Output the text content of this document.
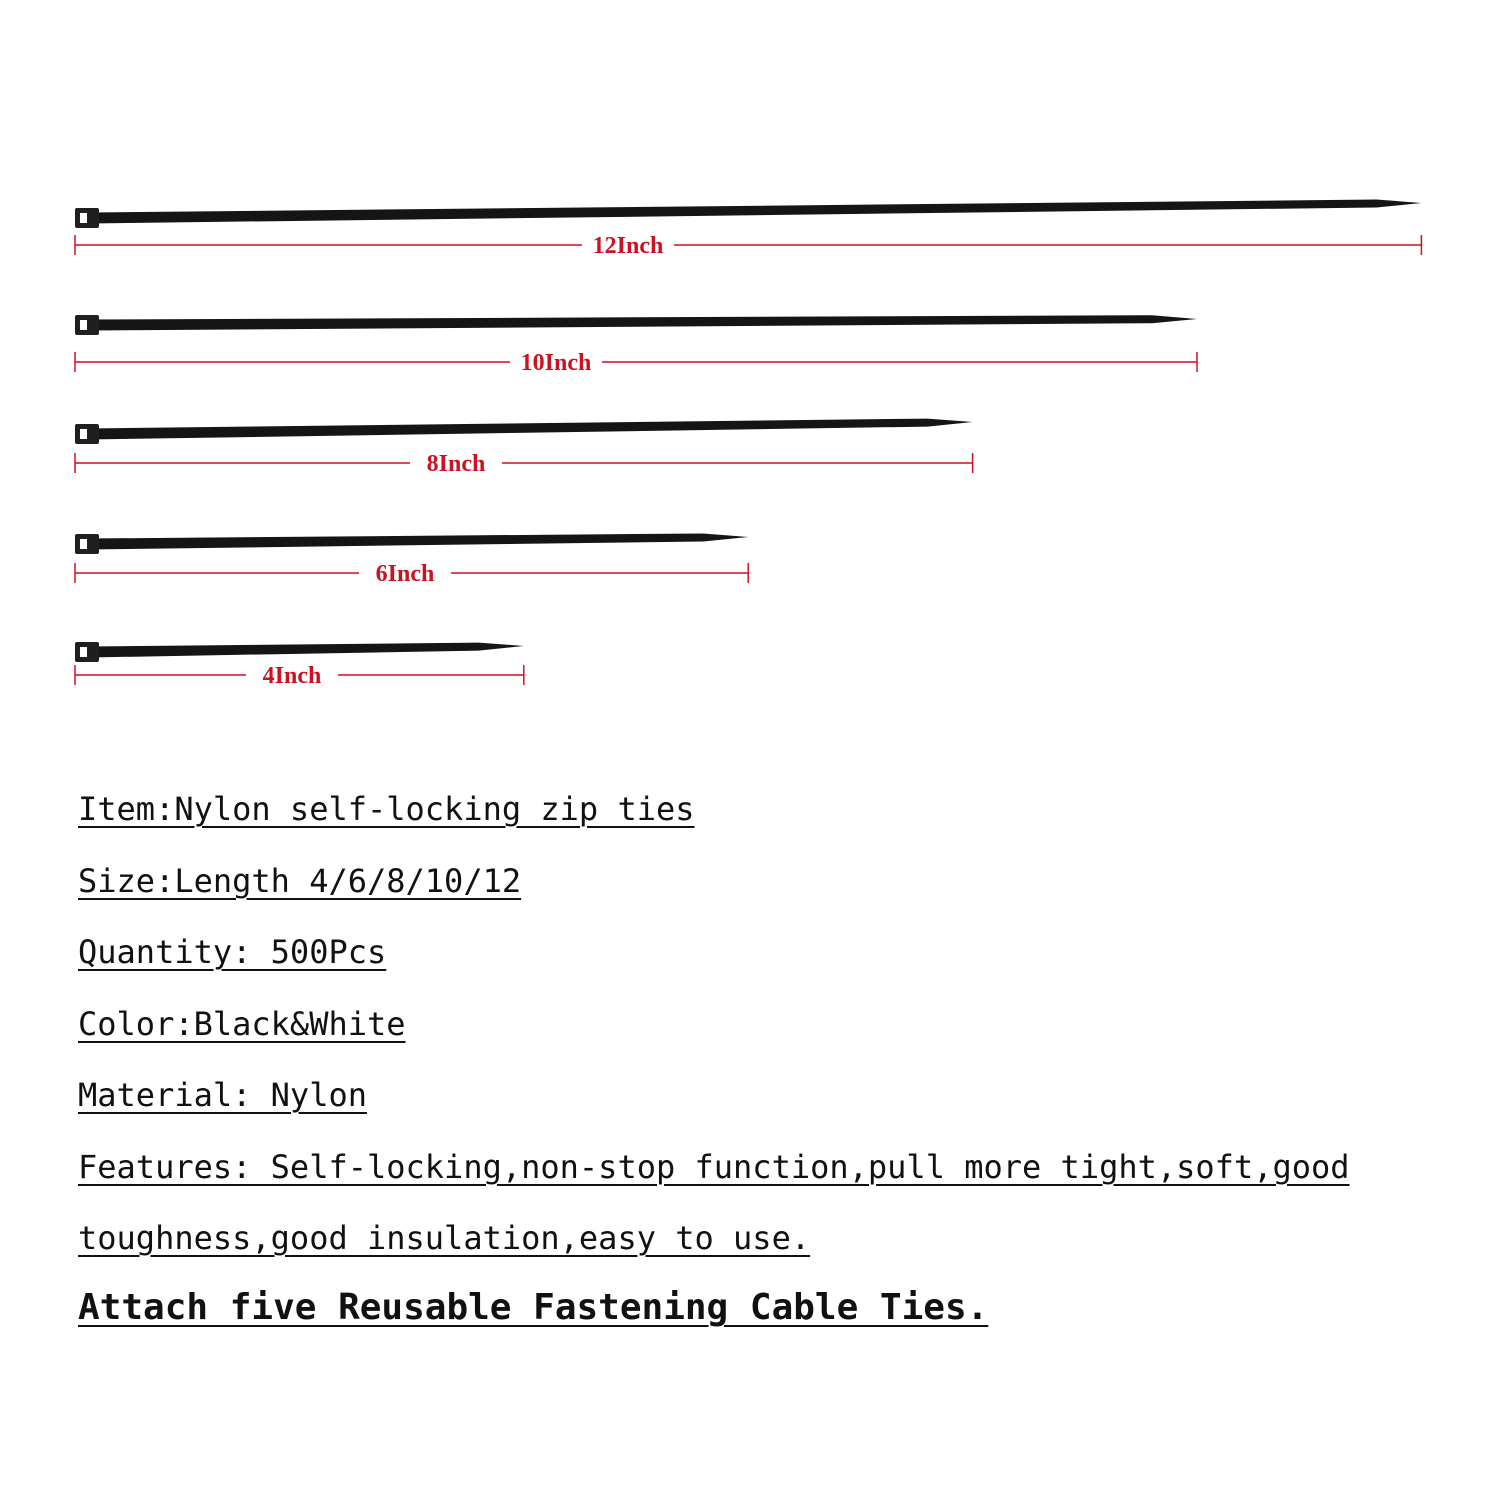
12Inch
10Inch
8Inch
6Inch
4Inch

Item:Nylon self-locking zip ties

Size:Length 4/6/8/10/12

Quantity: 500Pcs

Color:Black&White

Material: Nylon

Features: Self-locking,non-stop function,pull more tight,soft,good

toughness,good insulation,easy to use.

Attach five Reusable Fastening Cable Ties.
